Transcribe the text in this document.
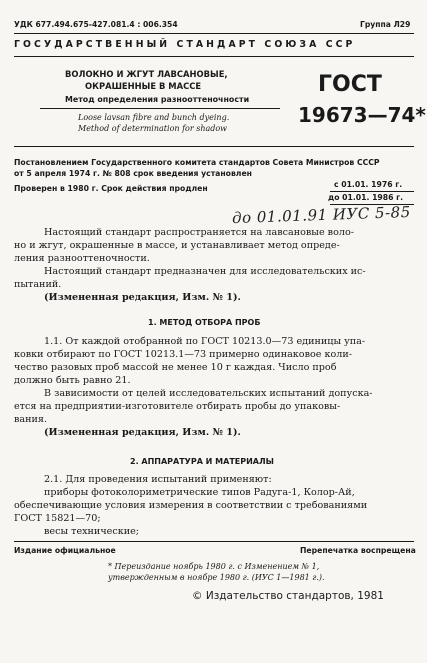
УДК 677.494.675-427.081.4 : 006.354	Группа Л29
ГОСУДАРСТВЕННЫЙ СТАНДАРТ СОЮЗА ССР
ВОЛОКНО И ЖГУТ ЛАВСАНОВЫЕ,
ОКРАШЕННЫЕ В МАССЕ
Метод определения разнооттеночности
Loose lavsan fibre and bunch dyeing.
Method of determination for shadow
ГОСТ
19673—74*
Постановлением Государственного комитета стандартов Совета Министров СССР
от 5 апреля 1974 г. № 808 срок введения установлен
с 01.01. 1976 г.
Проверен в 1980 г. Срок действия продлен
до 01.01. 1986 г.
до 01.01.91 ИУС 5-85
Настоящий стандарт распространяется на лавсановые воло-
но и жгут, окрашенные в массе, и устанавливает метод опреде-
ления разнооттеночности.
Настоящий стандарт предназначен для исследовательских ис-
пытаний.
(Измененная редакция, Изм. № 1).
1. МЕТОД ОТБОРА ПРОБ
1.1. От каждой отобранной по ГОСТ 10213.0—73 единицы упа-
ковки отбирают по ГОСТ 10213.1—73 примерно одинаковое коли-
чество разовых проб массой не менее 10 г каждая. Число проб
должно быть равно 21.
В зависимости от целей исследовательских испытаний допуска-
ется на предприятии-изготовителе отбирать пробы до упаковы-
вания.
(Измененная редакция, Изм. № 1).
2. АППАРАТУРА И МАТЕРИАЛЫ
2.1. Для проведения испытаний применяют:
приборы фотоколориметрические типов Радуга-1, Колор-Ай,
обеспечивающие условия измерения в соответствии с требованиями
ГОСТ 15821—70;
весы технические;
Издание официальное	Перепечатка воспрещена
* Переиздание ноябрь 1980 г. с Изменением № 1,
утвержденным в ноябре 1980 г. (ИУС 1—1981 г.).
© Издательство стандартов, 1981
